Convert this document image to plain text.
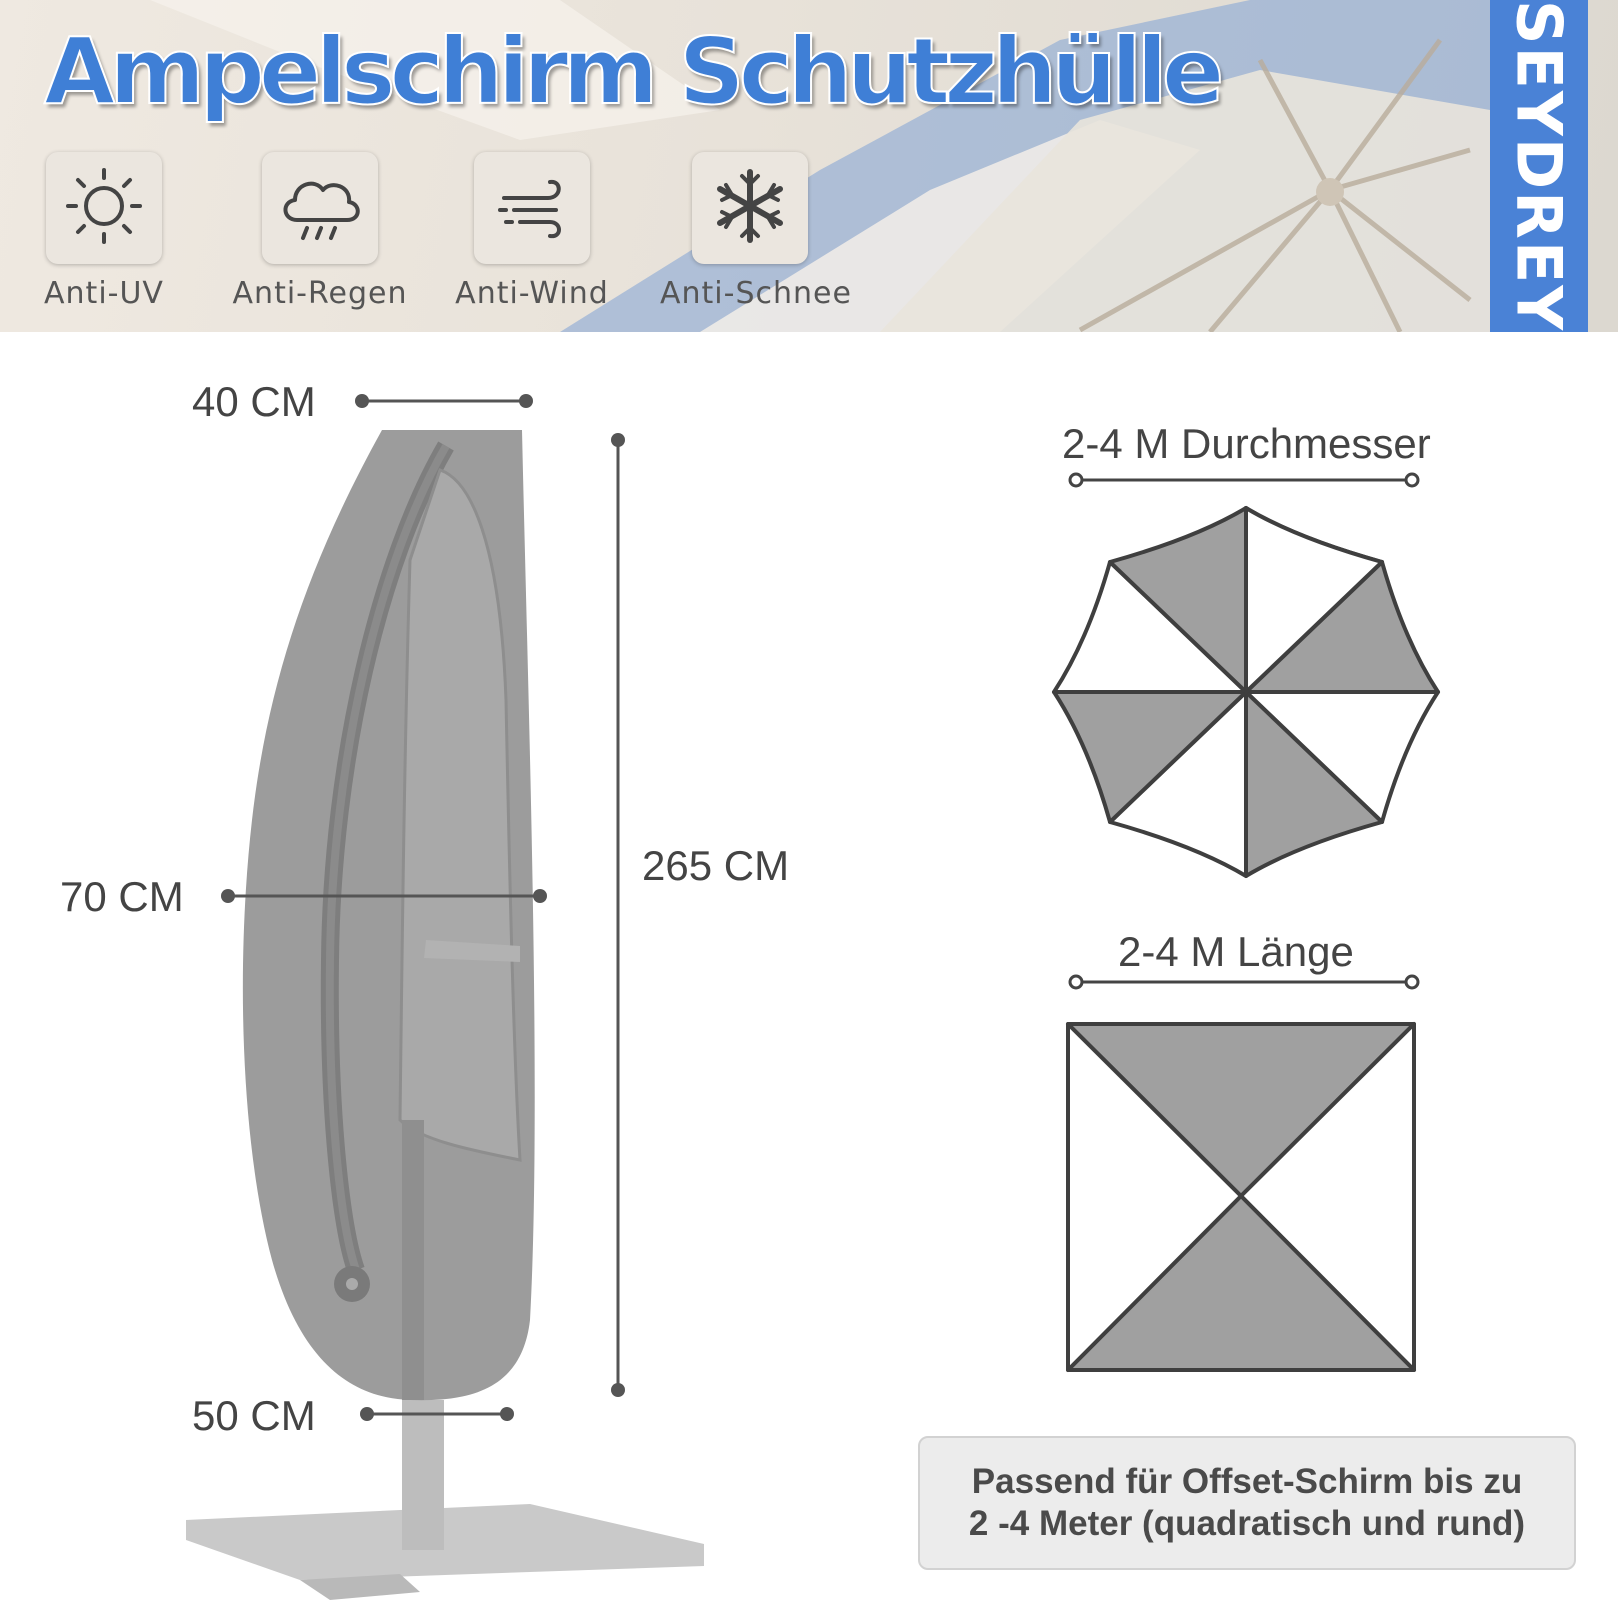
Ampelschirm Schutzhülle
Anti-UV	Anti-Regen	Anti-Wind	Anti-Schnee	SEYDREY
40 CM
70 CM
265 CM
50 CM
2-4 M Durchmesser
2-4 M Länge
Passend für Offset-Schirm bis zu
2 -4 Meter (quadratisch und rund)
